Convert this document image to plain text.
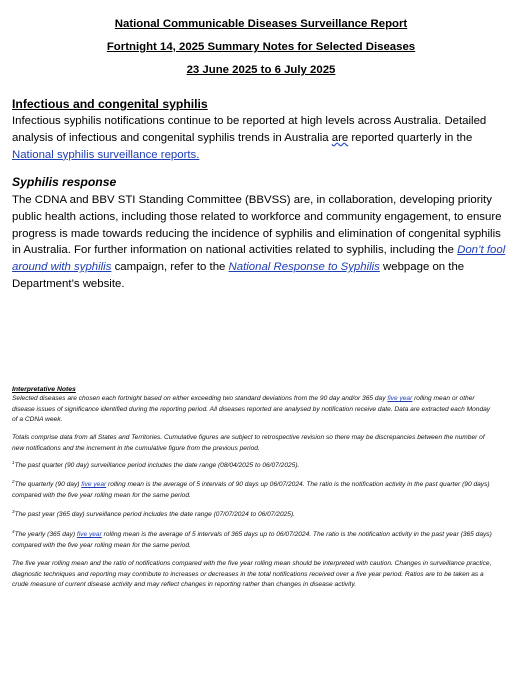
National Communicable Diseases Surveillance Report
Fortnight 14, 2025 Summary Notes for Selected Diseases
23 June 2025 to 6 July 2025
Infectious and congenital syphilis
Infectious syphilis notifications continue to be reported at high levels across Australia. Detailed analysis of infectious and congenital syphilis trends in Australia are reported quarterly in the
National syphilis surveillance reports.
Syphilis response
The CDNA and BBV STI Standing Committee (BBVSS) are, in collaboration, developing priority public health actions, including those related to workforce and community engagement, to ensure progress is made towards reducing the incidence of syphilis and elimination of congenital syphilis in Australia. For further information on national activities related to syphilis, including the Don’t fool around with syphilis campaign, refer to the National Response to Syphilis webpage on the Department’s website.
Interpretative Notes

Selected diseases are chosen each fortnight based on either exceeding two standard deviations from the 90 day and/or 365 day five year rolling mean or other disease issues of significance identified during the reporting period. All diseases reported are analysed by notification receive date. Data are extracted each Monday of a CDNA week.

Totals comprise data from all States and Territories. Cumulative figures are subject to retrospective revision so there may be discrepancies between the number of new notifications and the increment in the cumulative figure from the previous period.

$^1$The past quarter (90 day) surveillance period includes the date range (08/04/2025 to 06/07/2025).

$^2$The quarterly (90 day) five year rolling mean is the average of 5 intervals of 90 days up 06/07/2024. The ratio is the notification activity in the past quarter (90 days) compared with the five year rolling mean for the same period.

$^3$The past year (365 day) surveillance period includes the date range (07/07/2024 to 06/07/2025).

$^4$The yearly (365 day) five year rolling mean is the average of 5 intervals of 365 days up to 06/07/2024. The ratio is the notification activity in the past year (365 days) compared with the five year rolling mean for the same period.

The five year rolling mean and the ratio of notifications compared with the five year rolling mean should be interpreted with caution. Changes in surveillance practice, diagnostic techniques and reporting may contribute to increases or decreases in the total notifications received over a five year period. Ratios are to be taken as a crude measure of current disease activity and may reflect changes in reporting rather than changes in disease activity.
